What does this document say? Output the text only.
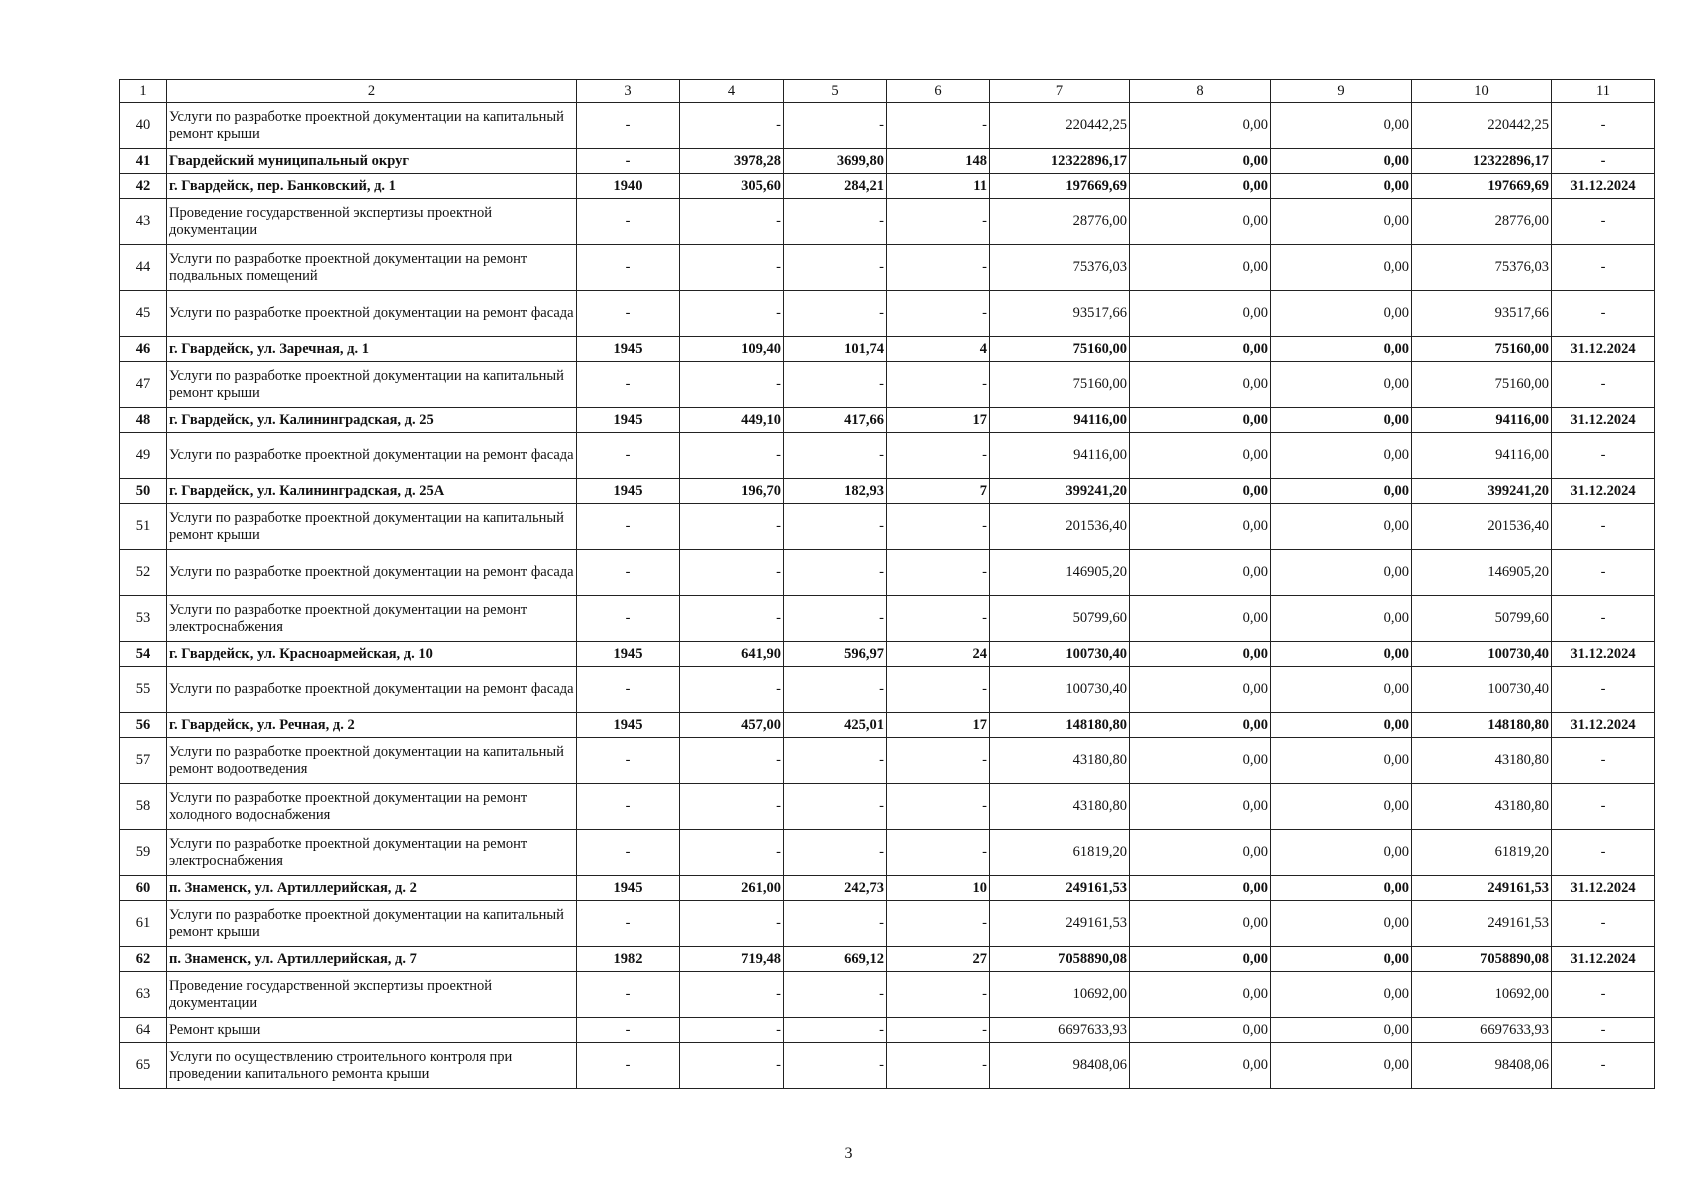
1	2	3	4	5	6	7	8	9	10	11
40	Услуги по разработке проектной документации на капитальный ремонт крыши	-	-	-	-	220442,25	0,00	0,00	220442,25	-
41	Гвардейский муниципальный округ	-	3978,28	3699,80	148	12322896,17	0,00	0,00	12322896,17	-
42	г. Гвардейск, пер. Банковский, д. 1	1940	305,60	284,21	11	197669,69	0,00	0,00	197669,69	31.12.2024
43	Проведение государственной экспертизы проектной документации	-	-	-	-	28776,00	0,00	0,00	28776,00	-
44	Услуги по разработке проектной документации на ремонт подвальных помещений	-	-	-	-	75376,03	0,00	0,00	75376,03	-
45	Услуги по разработке проектной документации на ремонт фасада	-	-	-	-	93517,66	0,00	0,00	93517,66	-
46	г. Гвардейск, ул. Заречная, д. 1	1945	109,40	101,74	4	75160,00	0,00	0,00	75160,00	31.12.2024
47	Услуги по разработке проектной документации на капитальный ремонт крыши	-	-	-	-	75160,00	0,00	0,00	75160,00	-
48	г. Гвардейск, ул. Калининградская, д. 25	1945	449,10	417,66	17	94116,00	0,00	0,00	94116,00	31.12.2024
49	Услуги по разработке проектной документации на ремонт фасада	-	-	-	-	94116,00	0,00	0,00	94116,00	-
50	г. Гвардейск, ул. Калининградская, д. 25А	1945	196,70	182,93	7	399241,20	0,00	0,00	399241,20	31.12.2024
51	Услуги по разработке проектной документации на капитальный ремонт крыши	-	-	-	-	201536,40	0,00	0,00	201536,40	-
52	Услуги по разработке проектной документации на ремонт фасада	-	-	-	-	146905,20	0,00	0,00	146905,20	-
53	Услуги по разработке проектной документации на ремонт электроснабжения	-	-	-	-	50799,60	0,00	0,00	50799,60	-
54	г. Гвардейск, ул. Красноармейская, д. 10	1945	641,90	596,97	24	100730,40	0,00	0,00	100730,40	31.12.2024
55	Услуги по разработке проектной документации на ремонт фасада	-	-	-	-	100730,40	0,00	0,00	100730,40	-
56	г. Гвардейск, ул. Речная, д. 2	1945	457,00	425,01	17	148180,80	0,00	0,00	148180,80	31.12.2024
57	Услуги по разработке проектной документации на капитальный ремонт водоотведения	-	-	-	-	43180,80	0,00	0,00	43180,80	-
58	Услуги по разработке проектной документации на ремонт холодного водоснабжения	-	-	-	-	43180,80	0,00	0,00	43180,80	-
59	Услуги по разработке проектной документации на ремонт электроснабжения	-	-	-	-	61819,20	0,00	0,00	61819,20	-
60	п. Знаменск, ул. Артиллерийская, д. 2	1945	261,00	242,73	10	249161,53	0,00	0,00	249161,53	31.12.2024
61	Услуги по разработке проектной документации на капитальный ремонт крыши	-	-	-	-	249161,53	0,00	0,00	249161,53	-
62	п. Знаменск, ул. Артиллерийская, д. 7	1982	719,48	669,12	27	7058890,08	0,00	0,00	7058890,08	31.12.2024
63	Проведение государственной экспертизы проектной документации	-	-	-	-	10692,00	0,00	0,00	10692,00	-
64	Ремонт крыши	-	-	-	-	6697633,93	0,00	0,00	6697633,93	-
65	Услуги по осуществлению строительного контроля при проведении капитального ремонта крыши	-	-	-	-	98408,06	0,00	0,00	98408,06	-
3
